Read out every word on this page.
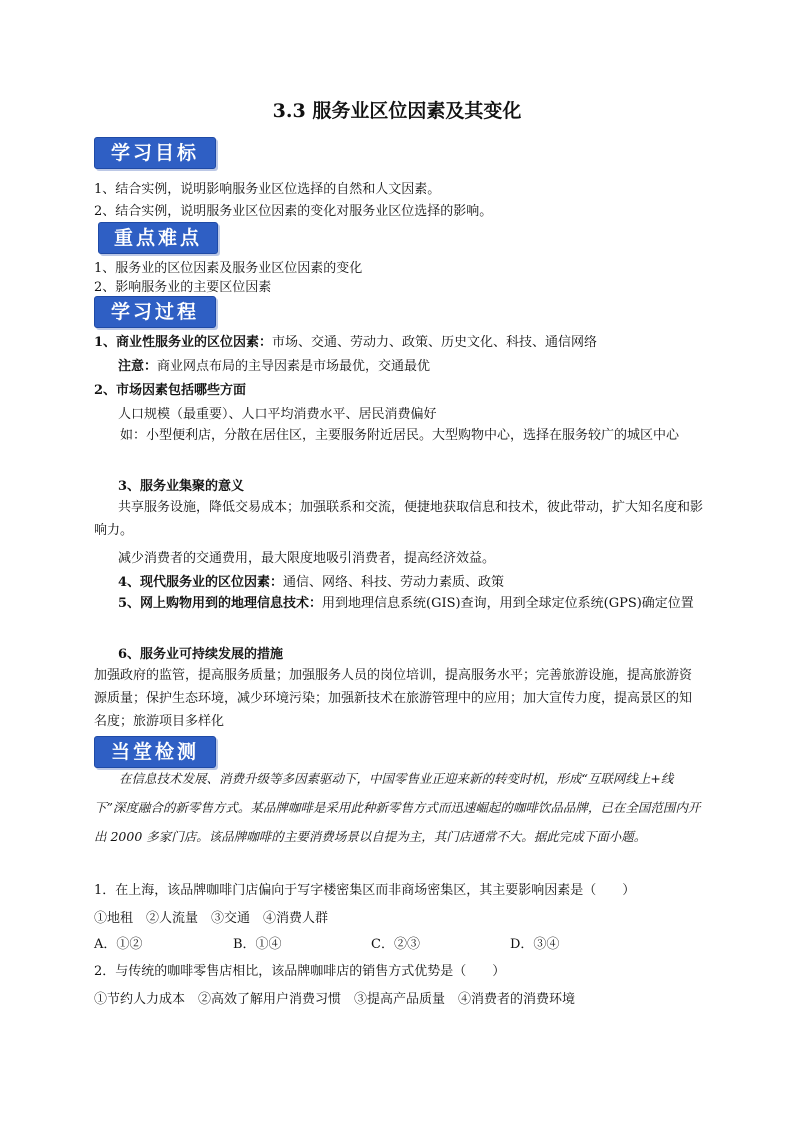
3.3 服务业区位因素及其变化
学习目标
1、结合实例，说明影响服务业区位选择的自然和人文因素。
2、结合实例，说明服务业区位因素的变化对服务业区位选择的影响。
重点难点
1、服务业的区位因素及服务业区位因素的变化
2、影响服务业的主要区位因素
学习过程
1、商业性服务业的区位因素：市场、交通、劳动力、政策、历史文化、科技、通信网络
注意：商业网点布局的主导因素是市场最优，交通最优
2、市场因素包括哪些方面
人口规模（最重要）、人口平均消费水平、居民消费偏好
如：小型便利店，分散在居住区，主要服务附近居民。大型购物中心，选择在服务较广的城区中心
3、服务业集聚的意义
共享服务设施，降低交易成本；加强联系和交流，便捷地获取信息和技术，彼此带动，扩大知名度和影响力。
减少消费者的交通费用，最大限度地吸引消费者，提高经济效益。
4、现代服务业的区位因素：通信、网络、科技、劳动力素质、政策
5、网上购物用到的地理信息技术：用到地理信息系统(GIS)查询，用到全球定位系统(GPS)确定位置
6、服务业可持续发展的措施
加强政府的监管，提高服务质量；加强服务人员的岗位培训，提高服务水平；完善旅游设施，提高旅游资源质量；保护生态环境，减少环境污染；加强新技术在旅游管理中的应用；加大宣传力度，提高景区的知名度；旅游项目多样化
当堂检测
在信息技术发展、消费升级等多因素驱动下，中国零售业正迎来新的转变时机，形成“互联网线上+线下”深度融合的新零售方式。某品牌咖啡是采用此种新零售方式而迅速崛起的咖啡饮品品牌，已在全国范围内开出 2000 多家门店。该品牌咖啡的主要消费场景以自提为主，其门店通常不大。据此完成下面小题。
1．在上海，该品牌咖啡门店偏向于写字楼密集区而非商场密集区，其主要影响因素是（　　）
①地租　②人流量　③交通　④消费人群
A．①②	B．①④	C．②③	D．③④
2．与传统的咖啡零售店相比，该品牌咖啡店的销售方式优势是（　　）
①节约人力成本　②高效了解用户消费习惯　③提高产品质量　④消费者的消费环境
